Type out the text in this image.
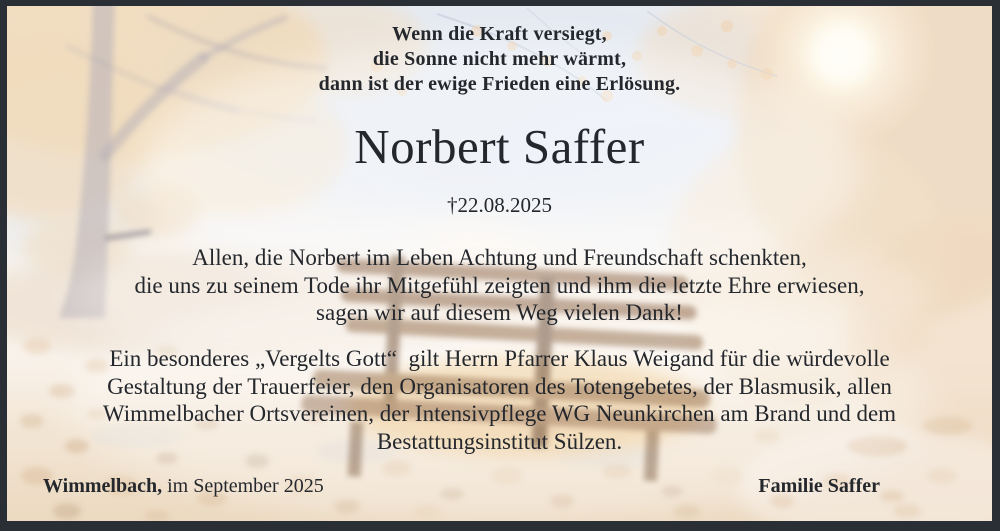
Wenn die Kraft versiegt,
die Sonne nicht mehr wärmt,
dann ist der ewige Frieden eine Erlösung.
Norbert Saffer
†22.08.2025
Allen, die Norbert im Leben Achtung und Freundschaft schenkten,
die uns zu seinem Tode ihr Mitgefühl zeigten und ihm die letzte Ehre erwiesen,
sagen wir auf diesem Weg vielen Dank!
Ein besonderes „Vergelts Gott“  gilt Herrn Pfarrer Klaus Weigand für die würdevolle
Gestaltung der Trauerfeier, den Organisatoren des Totengebetes, der Blasmusik, allen
Wimmelbacher Ortsvereinen, der Intensivpflege WG Neunkirchen am Brand und dem
Bestattungsinstitut Sülzen.
Wimmelbach, im September 2025	Familie Saffer
